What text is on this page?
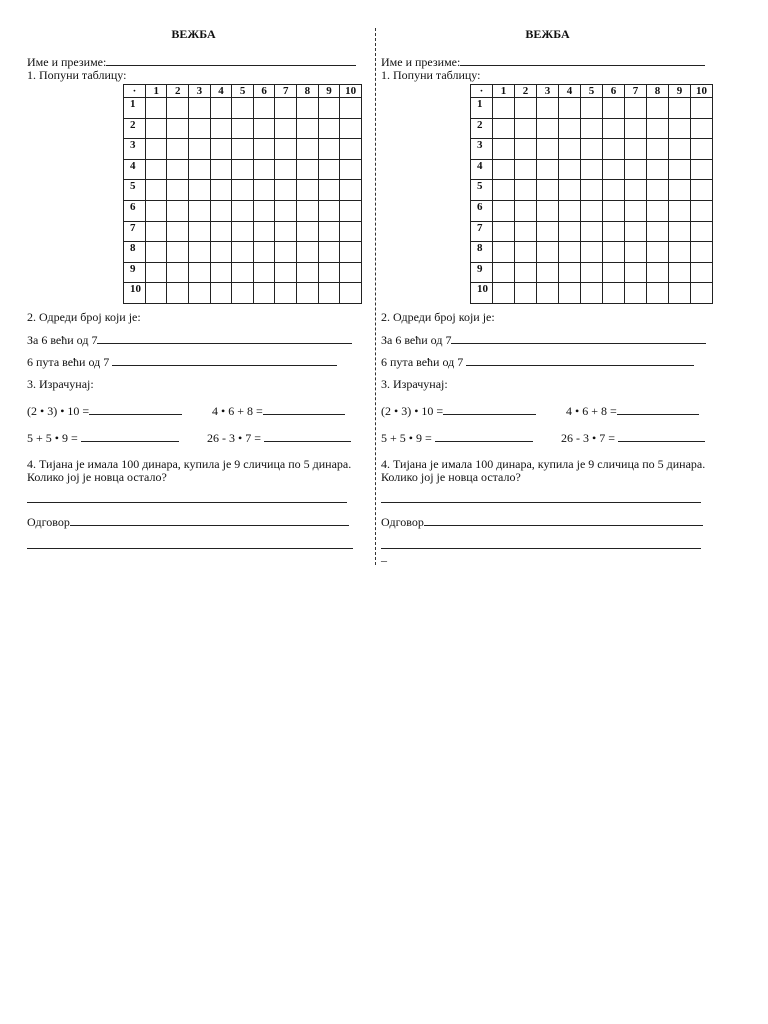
ВЕЖБА
Име и презиме:
1. Попуни таблицу:
·	1	2	3	4	5	6	7	8	9	10
1										
2										
3										
4										
5										
6										
7										
8										
9										
10										
2. Одреди број који је:
За 6 већи од 7
6 пута већи од 7
3. Израчунај:
(2 • 3) • 10 =	4 • 6 + 8 =
5 + 5 • 9 =	26 - 3 • 7 =
4. Тијана је имала 100 динара, купила је 9 сличица по 5 динара.
Колико јој је новца остало?
Одговор
ВЕЖБА
Име и презиме:
1. Попуни таблицу:
·	1	2	3	4	5	6	7	8	9	10
1										
2										
3										
4										
5										
6										
7										
8										
9										
10										
2. Одреди број који је:
За 6 већи од 7
6 пута већи од 7
3. Израчунај:
(2 • 3) • 10 =	4 • 6 + 8 =
5 + 5 • 9 =	26 - 3 • 7 =
4. Тијана је имала 100 динара, купила је 9 сличица по 5 динара.
Колико јој је новца остало?
Одговор
–
